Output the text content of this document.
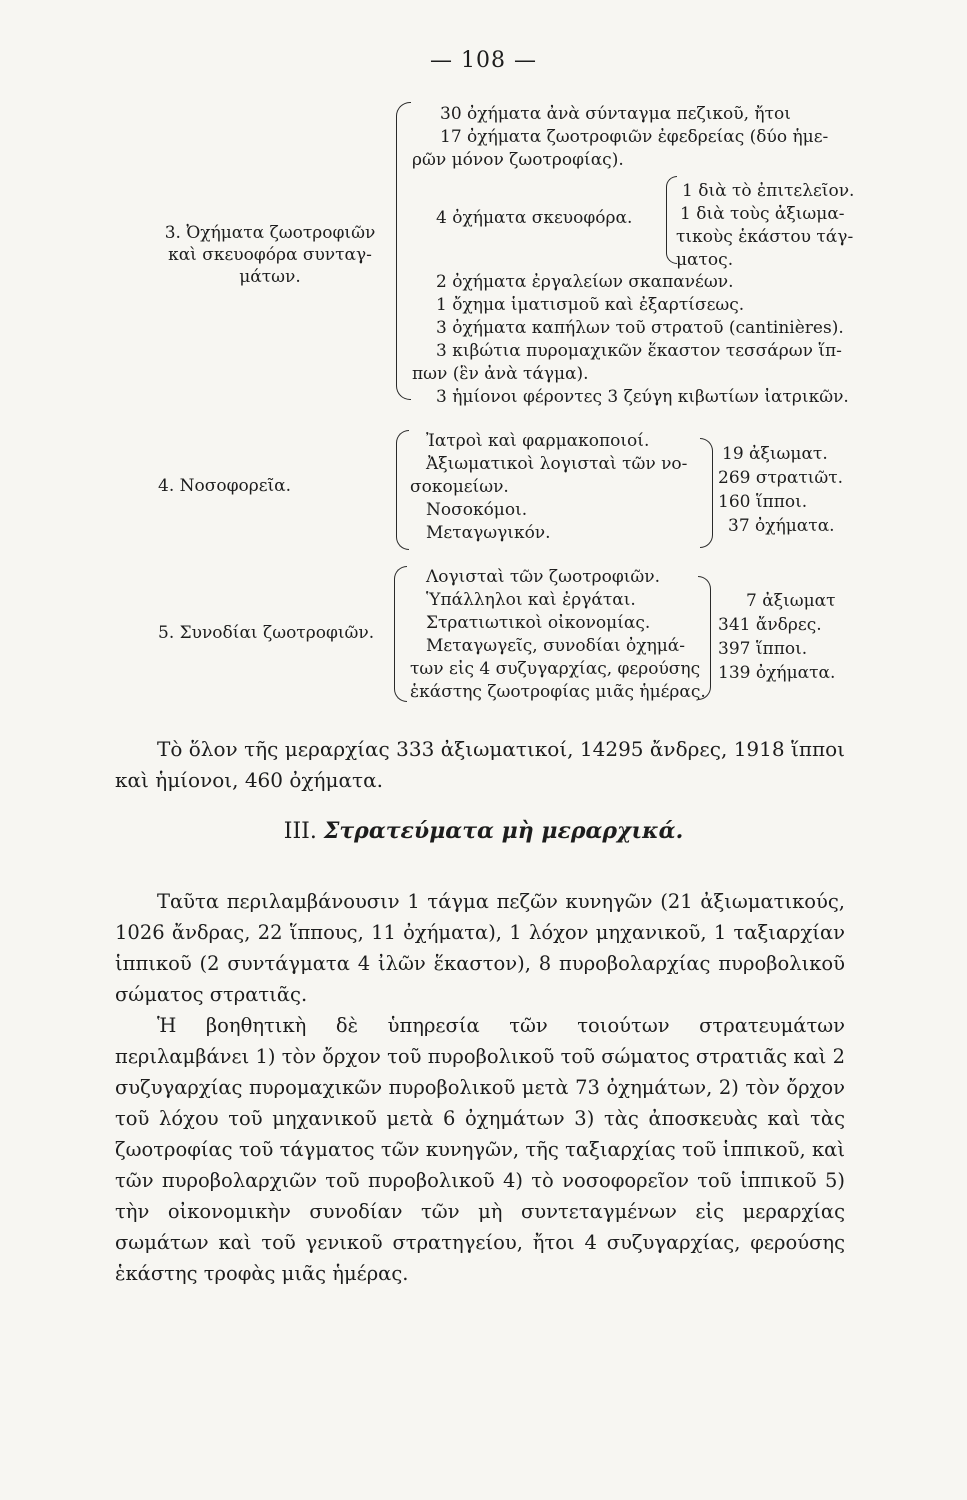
— 108 —
3. Ὀχήματα ζωοτροφιῶν
καὶ σκευοφόρα συνταγ-
μάτων.
30 ὀχήματα ἀνὰ σύνταγμα πεζικοῦ, ἤτοι
17 ὀχήματα ζωοτροφιῶν ἐφεδρείας (δύο ἡμε-
ρῶν μόνον ζωοτροφίας).
4 ὀχήματα σκευοφόρα.
1 διὰ τὸ ἐπιτελεῖον.
1 διὰ τοὺς ἀξιωμα-
τικοὺς ἑκάστου τάγ-
ματος.
2 ὀχήματα ἐργαλείων σκαπανέων.
1 ὄχημα ἱματισμοῦ καὶ ἐξαρτίσεως.
3 ὀχήματα καπήλων τοῦ στρατοῦ (cantinières).
3 κιβώτια πυρομαχικῶν ἕκαστον τεσσάρων ἵπ-
πων (ἓν ἀνὰ τάγμα).
3 ἡμίονοι φέροντες 3 ζεύγη κιβωτίων ἰατρικῶν.
4. Νοσοφορεῖα.
Ἰατροὶ καὶ φαρμακοποιοί.
Ἀξιωματικοὶ λογισταὶ τῶν νο-
σοκομείων.
Νοσοκόμοι.
Μεταγωγικόν.
19 ἀξιωματ.
269 στρατιῶτ.
160 ἵπποι.
37 ὀχήματα.
5. Συνοδίαι ζωοτροφιῶν.
Λογισταὶ τῶν ζωοτροφιῶν.
Ὑπάλληλοι καὶ ἐργάται.
Στρατιωτικοὶ οἰκονομίας.
Μεταγωγεῖς, συνοδίαι ὀχημά-
των εἰς 4 συζυγαρχίας, φερούσης
ἑκάστης ζωοτροφίας μιᾶς ἡμέρας.
7 ἀξιωματ
341 ἄνδρες.
397 ἵπποι.
139 ὀχήματα.
Τὸ ὅλον τῆς μεραρχίας 333 ἀξιωματικοί, 14295 ἄνδρες, 1918 ἵπποι καὶ ἡμίονοι, 460 ὀχήματα.
III. Στρατεύματα μὴ μεραρχικά.
Ταῦτα περιλαμβάνουσιν 1 τάγμα πεζῶν κυνηγῶν (21 ἀξιωματικούς, 1026 ἄνδρας, 22 ἵππους, 11 ὀχήματα), 1 λόχον μηχανικοῦ, 1 ταξιαρχίαν ἱππικοῦ (2 συντάγματα 4 ἰλῶν ἕκαστον), 8 πυροβολαρχίας πυροβολικοῦ σώματος στρατιᾶς.
Ἡ βοηθητικὴ δὲ ὑπηρεσία τῶν τοιούτων στρατευμάτων περιλαμβάνει 1) τὸν ὄρχον τοῦ πυροβολικοῦ τοῦ σώματος στρατιᾶς καὶ 2 συζυγαρχίας πυρομαχικῶν πυροβολικοῦ μετὰ 73 ὀχημάτων, 2) τὸν ὄρχον τοῦ λόχου τοῦ μηχανικοῦ μετὰ 6 ὀχημάτων 3) τὰς ἀποσκευὰς καὶ τὰς ζωοτροφίας τοῦ τάγματος τῶν κυνηγῶν, τῆς ταξιαρχίας τοῦ ἱππικοῦ, καὶ τῶν πυροβολαρχιῶν τοῦ πυροβολικοῦ 4) τὸ νοσοφορεῖον τοῦ ἱππικοῦ 5) τὴν οἰκονομικὴν συνοδίαν τῶν μὴ συντεταγμένων εἰς μεραρχίας σωμάτων καὶ τοῦ γενικοῦ στρατηγείου, ἤτοι 4 συζυγαρχίας, φερούσης ἑκάστης τροφὰς μιᾶς ἡμέρας.
